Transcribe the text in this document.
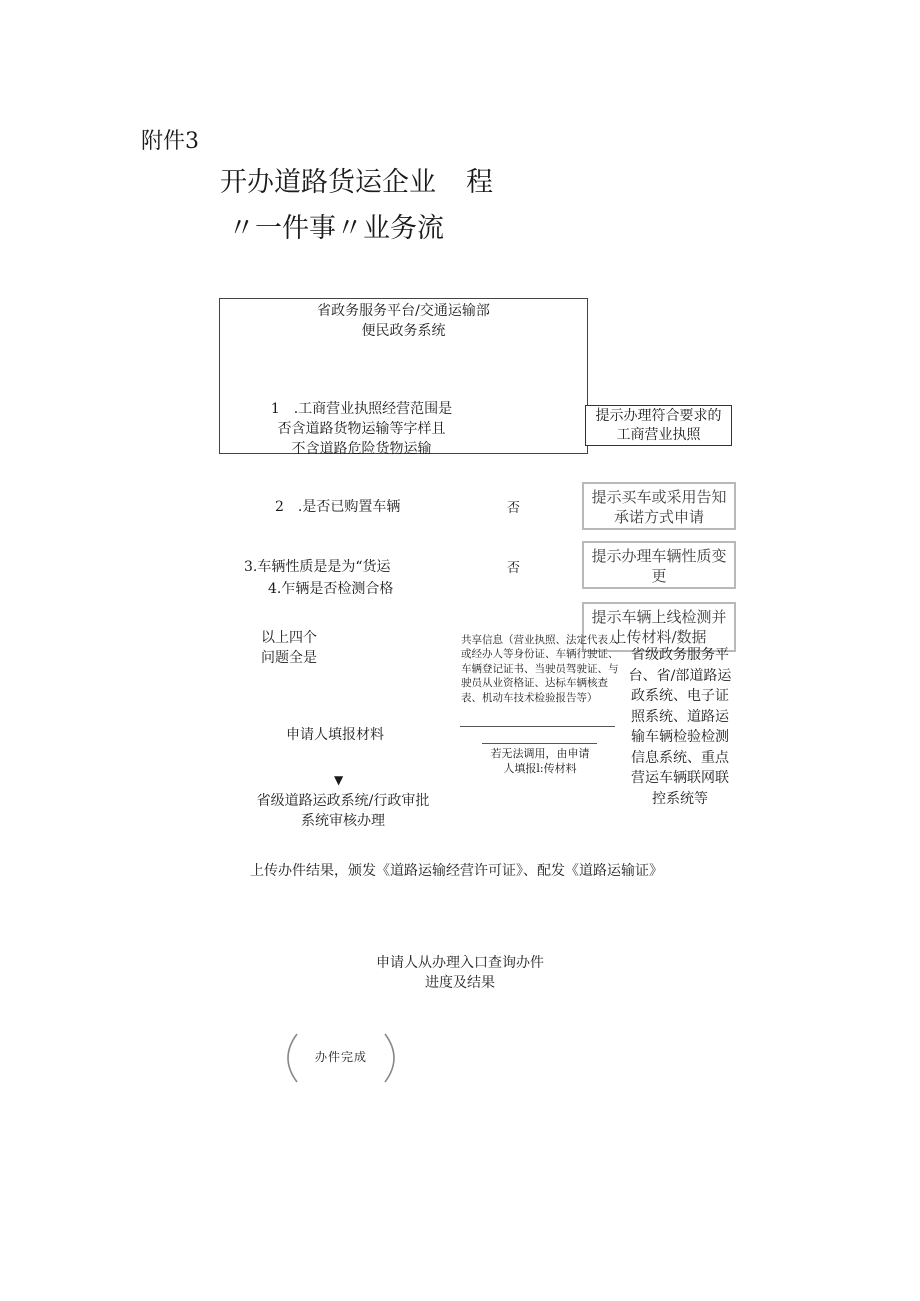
附件3
开办道路货运企业 程
〃一件事〃业务流
省政务服务平台/交通运输部
便民政务系统
1　.工商营业执照经营范围是
否含道路货物运输等字样且
不含道路危险货物运输
提示办理符合要求的
工商营业执照
提示买车或采用告知
承诺方式申请
提示办理车辆性质变
更
提示车辆上线检测并
上传材料/数据
2　.是否已购置车辆	否
3.车辆性质是是为“货运	否
4.乍辆是否检测合格
以上四个
问题全是
共享信息（营业执照、法定代表人或经办人等身份证、车辆行驶证、车辆登记证书、当驶员驾驶证、与驶员从业资格证、达标车辆核查表、机动车技术检验报告等）
若无法调用，由申请
人填报l:传材料
省级政务服务平台、省/部道路运政系统、电子证照系统、道路运输车辆检验检测信息系统、重点营运车辆联网联控系统等
申请人填报材料
▼
省级道路运政系统/行政审批
系统审核办理
上传办件结果，颁发《道路运输经营许可证》、配发《道路运输证》
申请人从办理入口查询办件
进度及结果
办件完成
